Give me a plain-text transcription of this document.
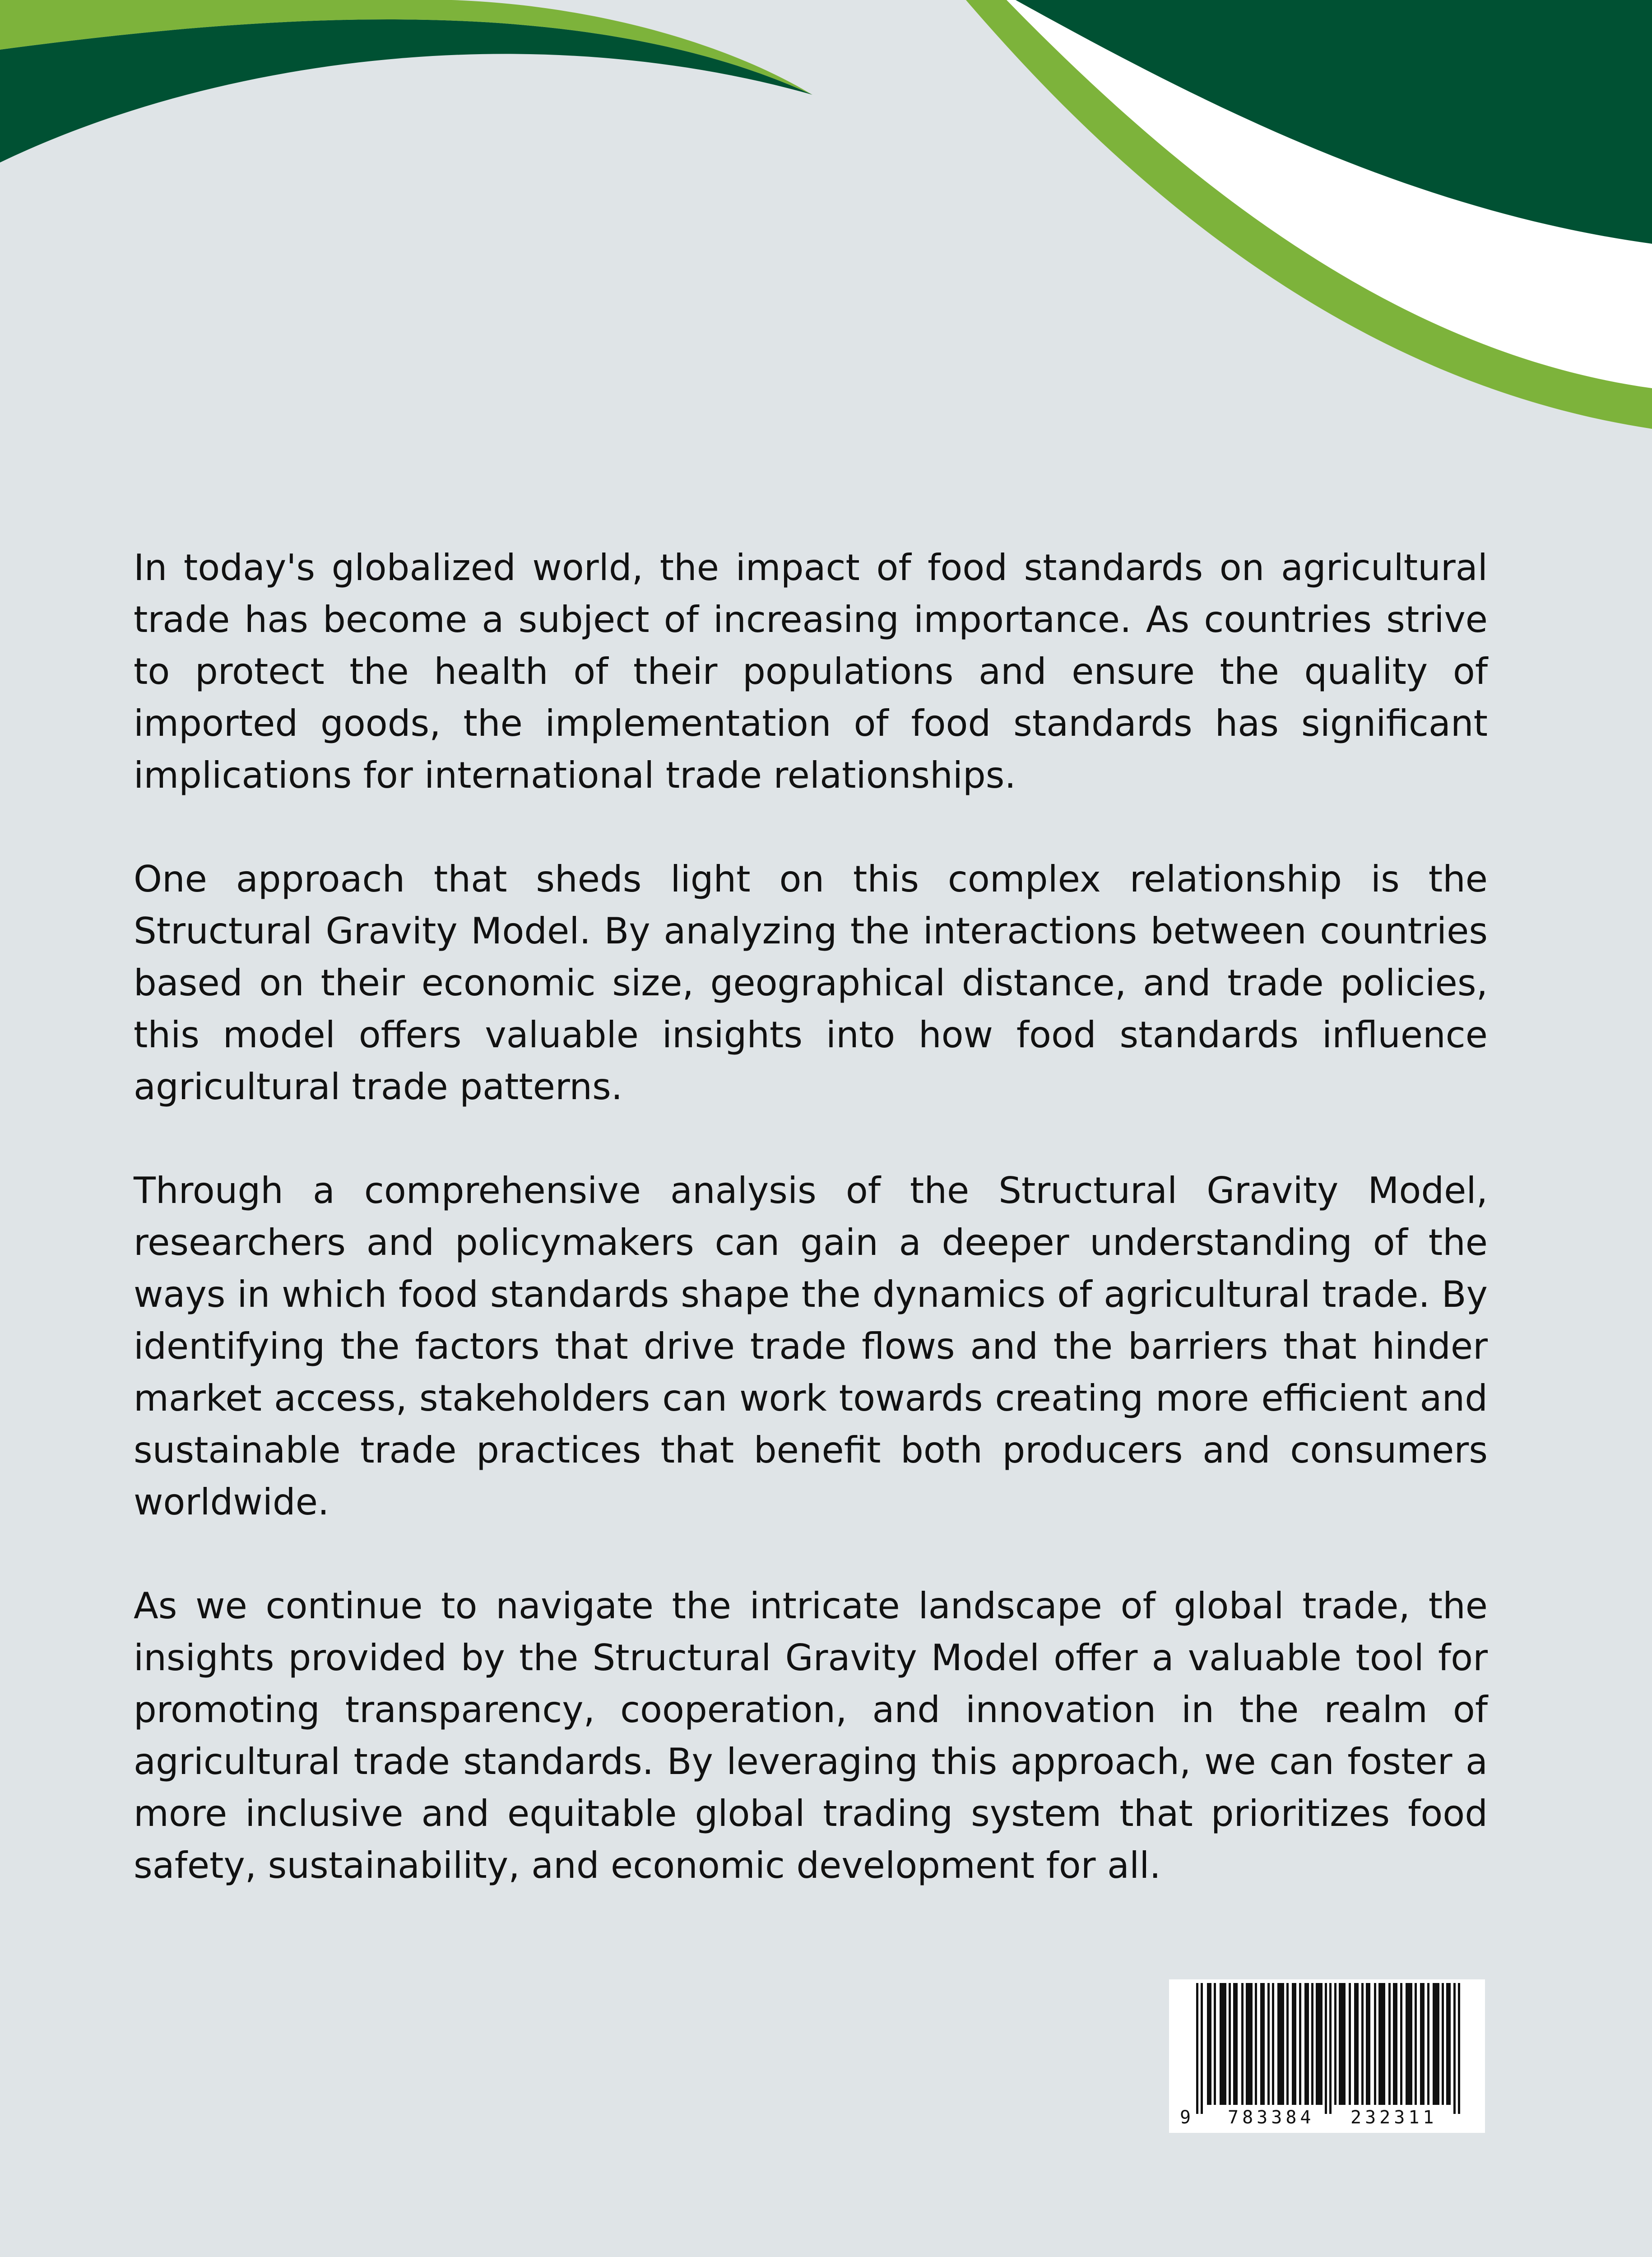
In today's globalized world, the impact of food standards on agricultural trade has become a subject of increasing importance. As countries strive to protect the health of their populations and ensure the quality of imported goods, the implementation of food standards has significant implications for international trade relationships.

One approach that sheds light on this complex relationship is the Structural Gravity Model. By analyzing the interactions between countries based on their economic size, geographical distance, and trade policies, this model offers valuable insights into how food standards influence agricultural trade patterns.

Through a comprehensive analysis of the Structural Gravity Model, researchers and policymakers can gain a deeper understanding of the ways in which food standards shape the dynamics of agricultural trade. By identifying the factors that drive trade flows and the barriers that hinder market access, stakeholders can work towards creating more efficient and sustainable trade practices that benefit both producers and consumers worldwide.

As we continue to navigate the intricate landscape of global trade, the insights provided by the Structural Gravity Model offer a valuable tool for promoting transparency, cooperation, and innovation in the realm of agricultural trade standards. By leveraging this approach, we can foster a more inclusive and equitable global trading system that prioritizes food safety, sustainability, and economic development for all.

9 783384 232311
